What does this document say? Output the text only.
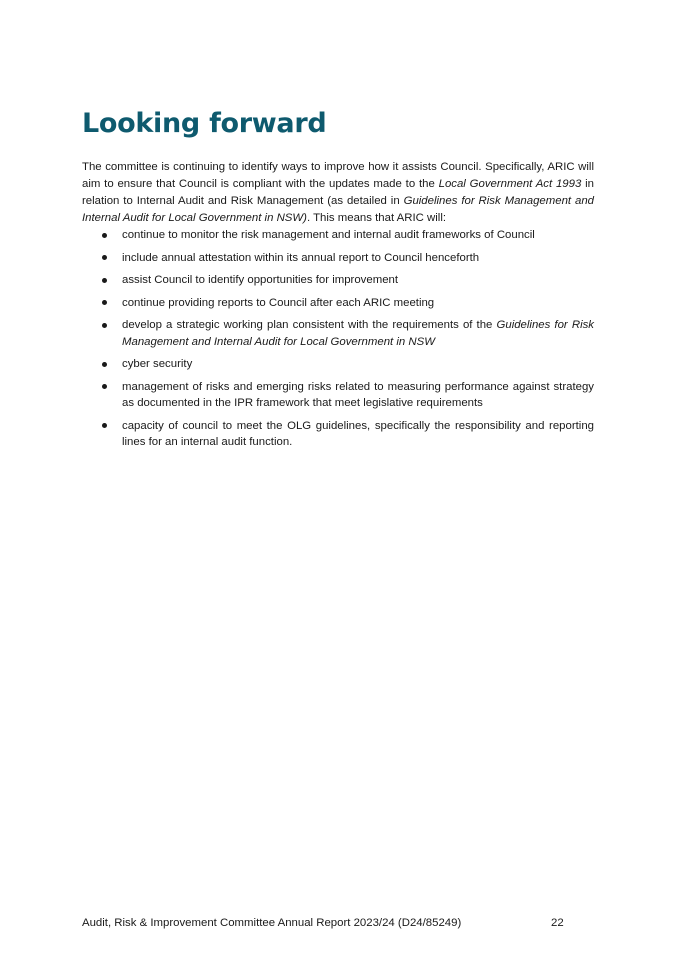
Looking forward

The committee is continuing to identify ways to improve how it assists Council. Specifically, ARIC will aim to ensure that Council is compliant with the updates made to the Local Government Act 1993 in relation to Internal Audit and Risk Management (as detailed in Guidelines for Risk Management and Internal Audit for Local Government in NSW). This means that ARIC will:

continue to monitor the risk management and internal audit frameworks of Council
include annual attestation within its annual report to Council henceforth
assist Council to identify opportunities for improvement
continue providing reports to Council after each ARIC meeting
develop a strategic working plan consistent with the requirements of the Guidelines for Risk Management and Internal Audit for Local Government in NSW
cyber security
management of risks and emerging risks related to measuring performance against strategy as documented in the IPR framework that meet legislative requirements
capacity of council to meet the OLG guidelines, specifically the responsibility and reporting lines for an internal audit function.
Audit, Risk & Improvement Committee Annual Report 2023/24 (D24/85249)	22
